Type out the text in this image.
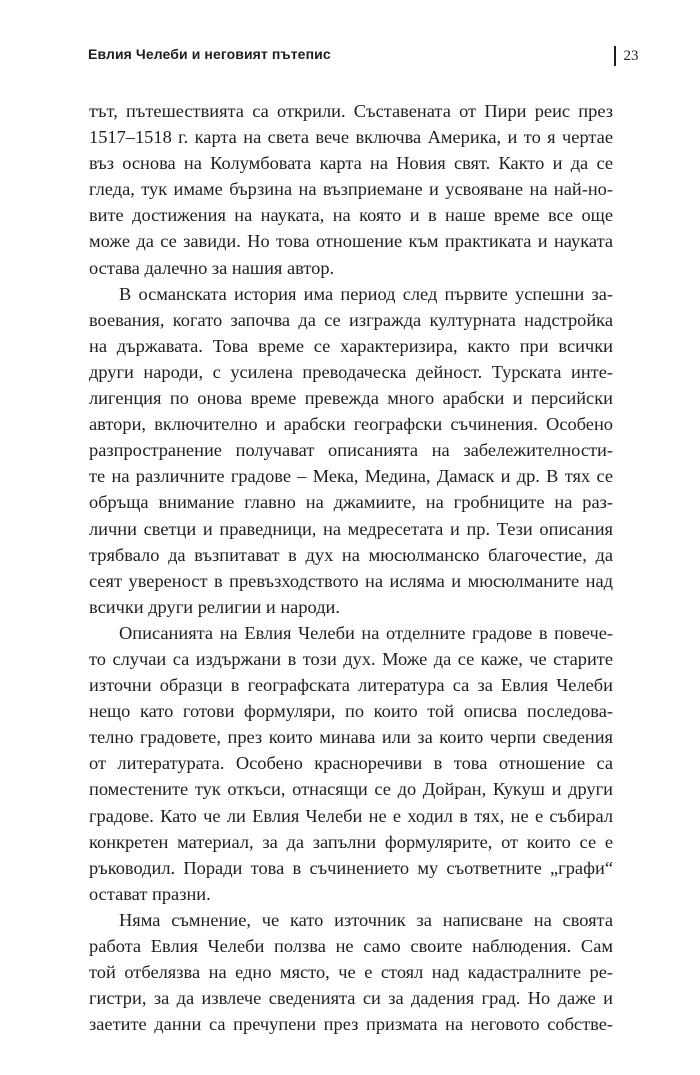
Евлия Челеби и неговият пътепис	23
тът, пътешествията са открили. Съставената от Пири реис през
1517–1518 г. карта на света вече включва Америка, и то я чертае
въз основа на Колумбовата карта на Новия свят. Както и да се
гледа, тук имаме бързина на възприемане и усвояване на най-но-
вите достижения на науката, на която и в наше време все още
може да се завиди. Но това отношение към практиката и науката
остава далечно за нашия автор.
В османската история има период след първите успешни за-
воевания, когато започва да се изгражда културната надстройка
на държавата. Това време се характеризира, както при всички
други народи, с усилена преводаческа дейност. Турската инте-
лигенция по онова време превежда много арабски и персийски
автори, включително и арабски географски съчинения. Особено
разпространение получават описанията на забележителности-
те на различните градове – Мека, Медина, Дамаск и др. В тях се
обръща внимание главно на джамиите, на гробниците на раз-
лични светци и праведници, на медресетата и пр. Тези описания
трябвало да възпитават в дух на мюсюлманско благочестие, да
сеят увереност в превъзходството на исляма и мюсюлманите над
всички други религии и народи.
Описанията на Евлия Челеби на отделните градове в повече-
то случаи са издържани в този дух. Може да се каже, че старите
източни образци в географската литература са за Евлия Челеби
нещо като готови формуляри, по които той описва последова-
телно градовете, през които минава или за които черпи сведения
от литературата. Особено красноречиви в това отношение са
поместените тук откъси, отнасящи се до Дойран, Кукуш и други
градове. Като че ли Евлия Челеби не е ходил в тях, не е събирал
конкретен материал, за да запълни формулярите, от които се е
ръководил. Поради това в съчинението му съответните „графи“
остават празни.
Няма съмнение, че като източник за написване на своята
работа Евлия Челеби ползва не само своите наблюдения. Сам
той отбелязва на едно място, че е стоял над кадастралните ре-
гистри, за да извлече сведенията си за дадения град. Но даже и
заетите данни са пречупени през призмата на неговото собстве-
